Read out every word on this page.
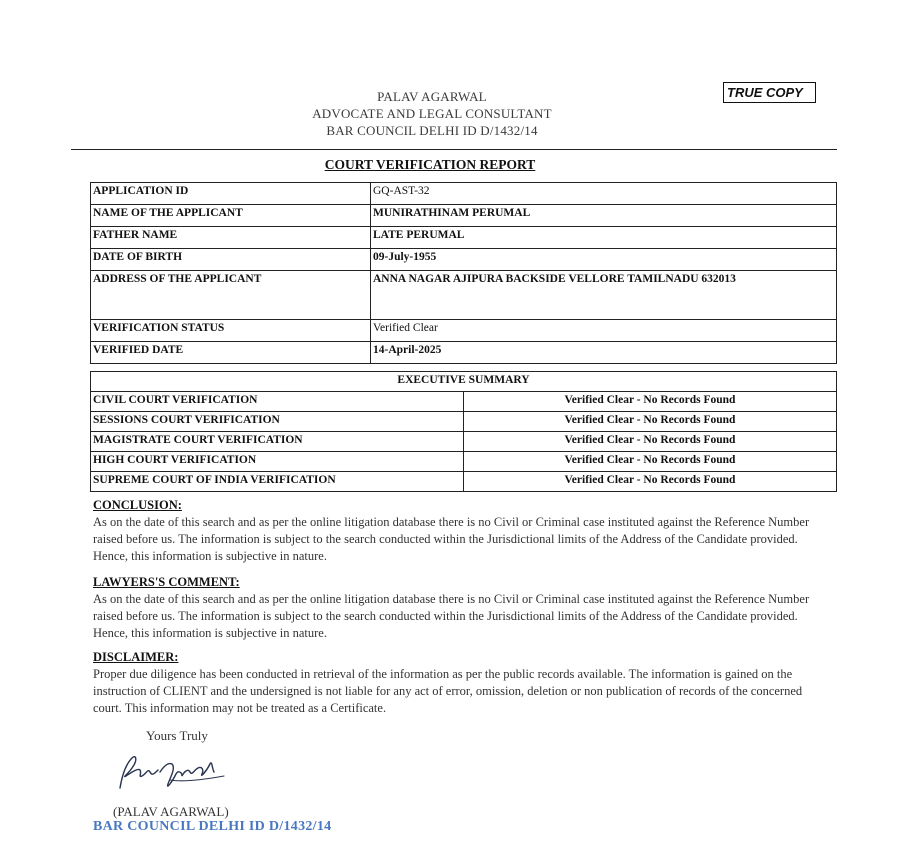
PALAV AGARWAL
ADVOCATE AND LEGAL CONSULTANT
BAR COUNCIL DELHI ID D/1432/14
TRUE COPY
COURT VERIFICATION REPORT
APPLICATION ID	GQ-AST-32
NAME OF THE APPLICANT	MUNIRATHINAM PERUMAL
FATHER NAME	LATE PERUMAL
DATE OF BIRTH	09-July-1955
ADDRESS OF THE APPLICANT	ANNA NAGAR AJIPURA BACKSIDE VELLORE TAMILNADU 632013
VERIFICATION STATUS	Verified Clear
VERIFIED DATE	14-April-2025
EXECUTIVE SUMMARY	
CIVIL COURT VERIFICATION	Verified Clear - No Records Found
SESSIONS COURT VERIFICATION	Verified Clear - No Records Found
MAGISTRATE COURT VERIFICATION	Verified Clear - No Records Found
HIGH COURT VERIFICATION	Verified Clear - No Records Found
SUPREME COURT OF INDIA VERIFICATION	Verified Clear - No Records Found
CONCLUSION:
As on the date of this search and as per the online litigation database there is no Civil or Criminal case instituted against the Reference Number raised before us. The information is subject to the search conducted within the Jurisdictional limits of the Address of the Candidate provided. Hence, this information is subjective in nature.
LAWYERS'S COMMENT:
As on the date of this search and as per the online litigation database there is no Civil or Criminal case instituted against the Reference Number raised before us. The information is subject to the search conducted within the Jurisdictional limits of the Address of the Candidate provided. Hence, this information is subjective in nature.
DISCLAIMER:
Proper due diligence has been conducted in retrieval of the information as per the public records available. The information is gained on the instruction of CLIENT and the undersigned is not liable for any act of error, omission, deletion or non publication of records of the concerned court. This information may not be treated as a Certificate.
Yours Truly
(PALAV AGARWAL)
BAR COUNCIL DELHI ID D/1432/14
